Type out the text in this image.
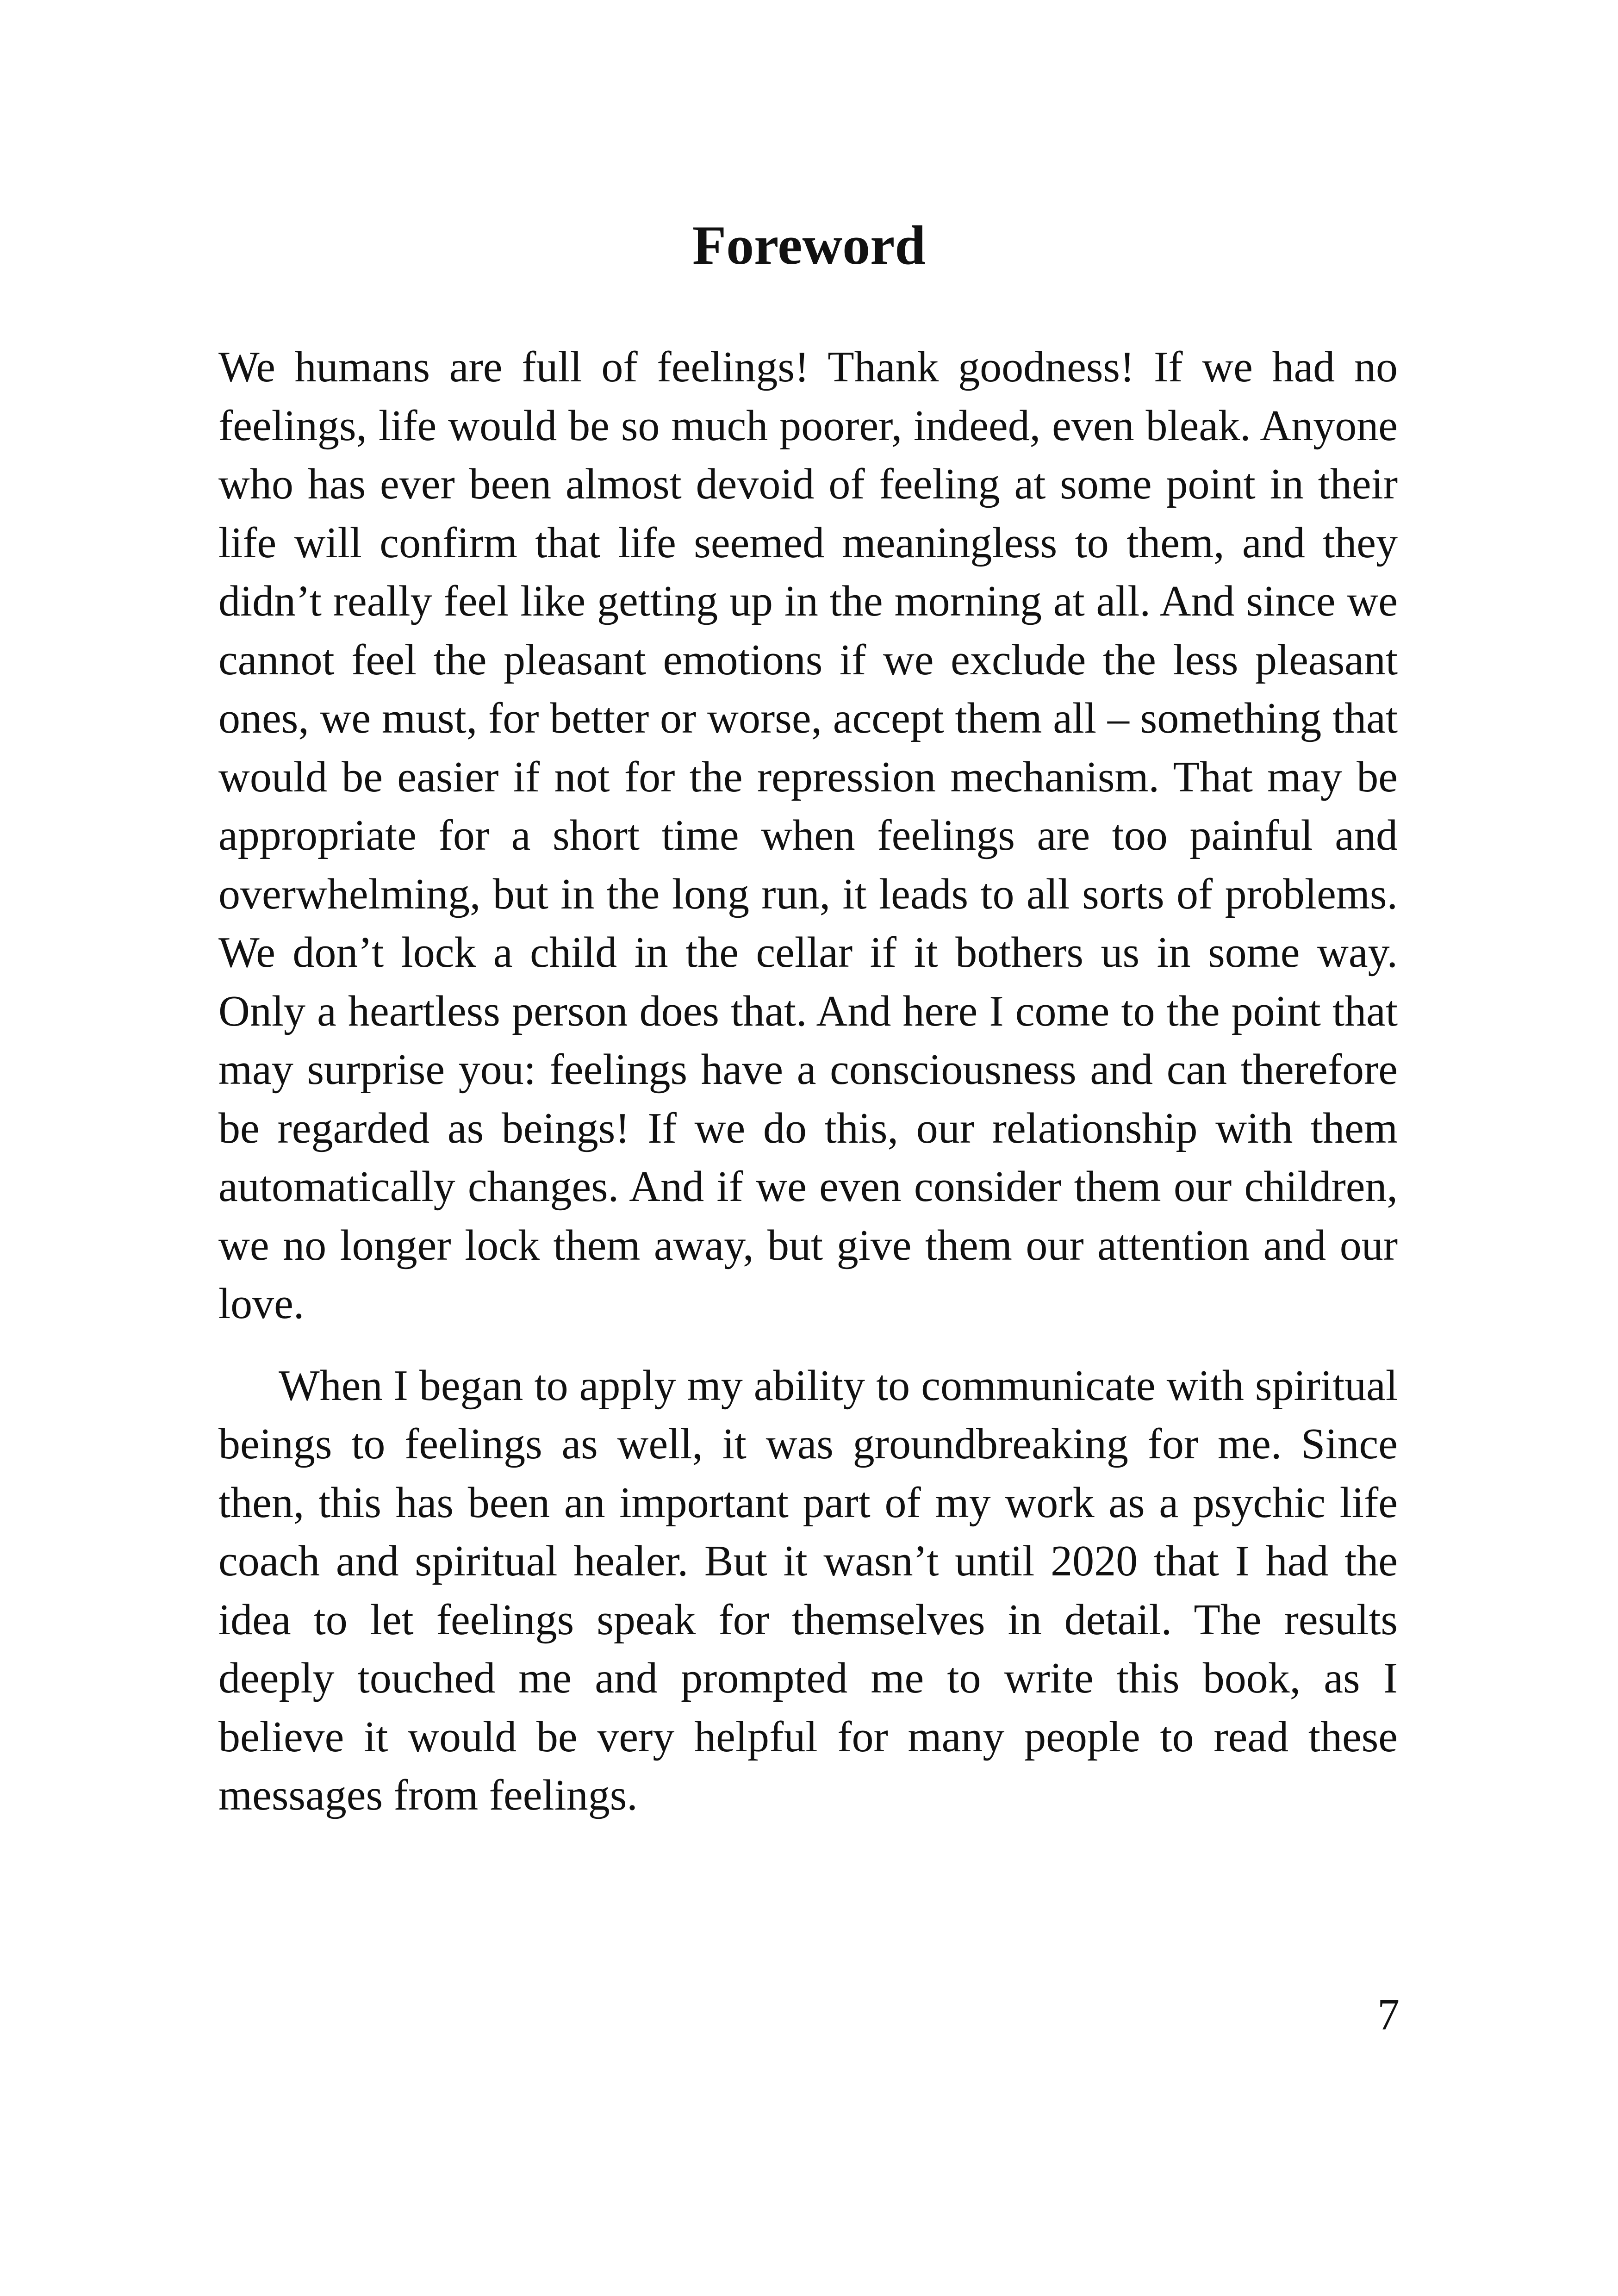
Foreword

We humans are full of feelings! Thank goodness! If we had no feelings, life would be so much poorer, indeed, even bleak. Anyone who has ever been almost devoid of feeling at some point in their life will confirm that life seemed meaningless to them, and they didn’t really feel like getting up in the morning at all. And since we cannot feel the pleasant emotions if we exclude the less pleasant ones, we must, for better or worse, accept them all – something that would be easier if not for the repression mechanism. That may be appropriate for a short time when feelings are too painful and overwhelming, but in the long run, it leads to all sorts of problems. We don’t lock a child in the cellar if it bothers us in some way. Only a heartless person does that. And here I come to the point that may surprise you: feelings have a consciousness and can therefore be regarded as beings! If we do this, our relationship with them automatically changes. And if we even consider them our children, we no longer lock them away, but give them our attention and our love.

When I began to apply my ability to communicate with spiritual beings to feelings as well, it was groundbreaking for me. Since then, this has been an important part of my work as a psychic life coach and spiritual healer. But it wasn’t until 2020 that I had the idea to let feelings speak for themselves in detail. The results deeply touched me and prompted me to write this book, as I believe it would be very helpful for many people to read these messages from feelings.

7
